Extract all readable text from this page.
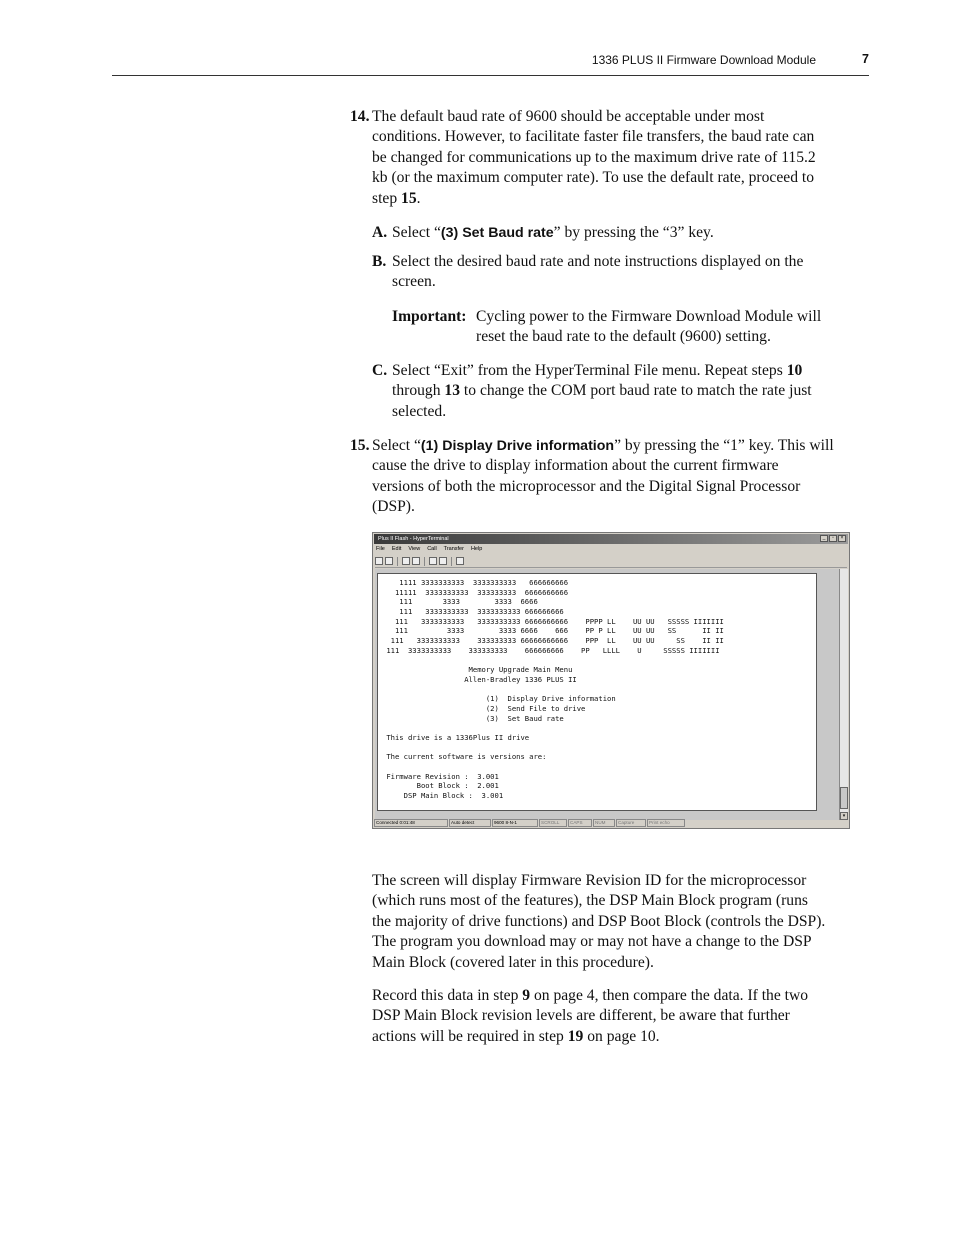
1336 PLUS II Firmware Download Module	7
14. The default baud rate of 9600 should be acceptable under most
conditions. However, to facilitate faster file transfers, the baud rate can
be changed for communications up to the maximum drive rate of 115.2
kb (or the maximum computer rate). To use the default rate, proceed to
step 15.
A. Select “(3) Set Baud rate” by pressing the “3” key.
B. Select the desired baud rate and note instructions displayed on the
screen.
Important: Cycling power to the Firmware Download Module will
reset the baud rate to the default (9600) setting.
C. Select “Exit” from the HyperTerminal File menu. Repeat steps 10
through 13 to change the COM port baud rate to match the rate just
selected.
15. Select “(1) Display Drive information” by pressing the “1” key. This will
cause the drive to display information about the current firmware
versions of both the microprocessor and the Digital Signal Processor
(DSP).
Plus II Flash - HyperTerminal	_	▫	×
File Edit View Call Transfer Help
1111 3333333333  3333333333   666666666
11111  3333333333  333333333  6666666666
111       3333        3333  6666
111   3333333333  3333333333 666666666
111   3333333333   3333333333 6666666666    PPPP LL    UU UU   SSSSS IIIIIII
111         3333        3333 6666    666    PP P LL    UU UU   SS      II II
111   3333333333    333333333 66666666666    PPP  LL    UU UU     SS    II II
111  3333333333    333333333    666666666    PP   LLLL    U     SSSSS IIIIIII
Memory Upgrade Main Menu
Allen-Bradley 1336 PLUS II
(1)  Display Drive information
(2)  Send File to drive
(3)  Set Baud rate
This drive is a 1336Plus II drive
The current software is versions are:
Firmware Revision :  3.001
Boot Block :  2.001
DSP Main Block :  3.001
▾
Connected 0:01:48	Auto detect	9600 8-N-1	SCROLL	CAPS	NUM	Capture	Print echo
The screen will display Firmware Revision ID for the microprocessor
(which runs most of the features), the DSP Main Block program (runs
the majority of drive functions) and DSP Boot Block (controls the DSP).
The program you download may or may not have a change to the DSP
Main Block (covered later in this procedure).
Record this data in step 9 on page 4, then compare the data. If the two
DSP Main Block revision levels are different, be aware that further
actions will be required in step 19 on page 10.
